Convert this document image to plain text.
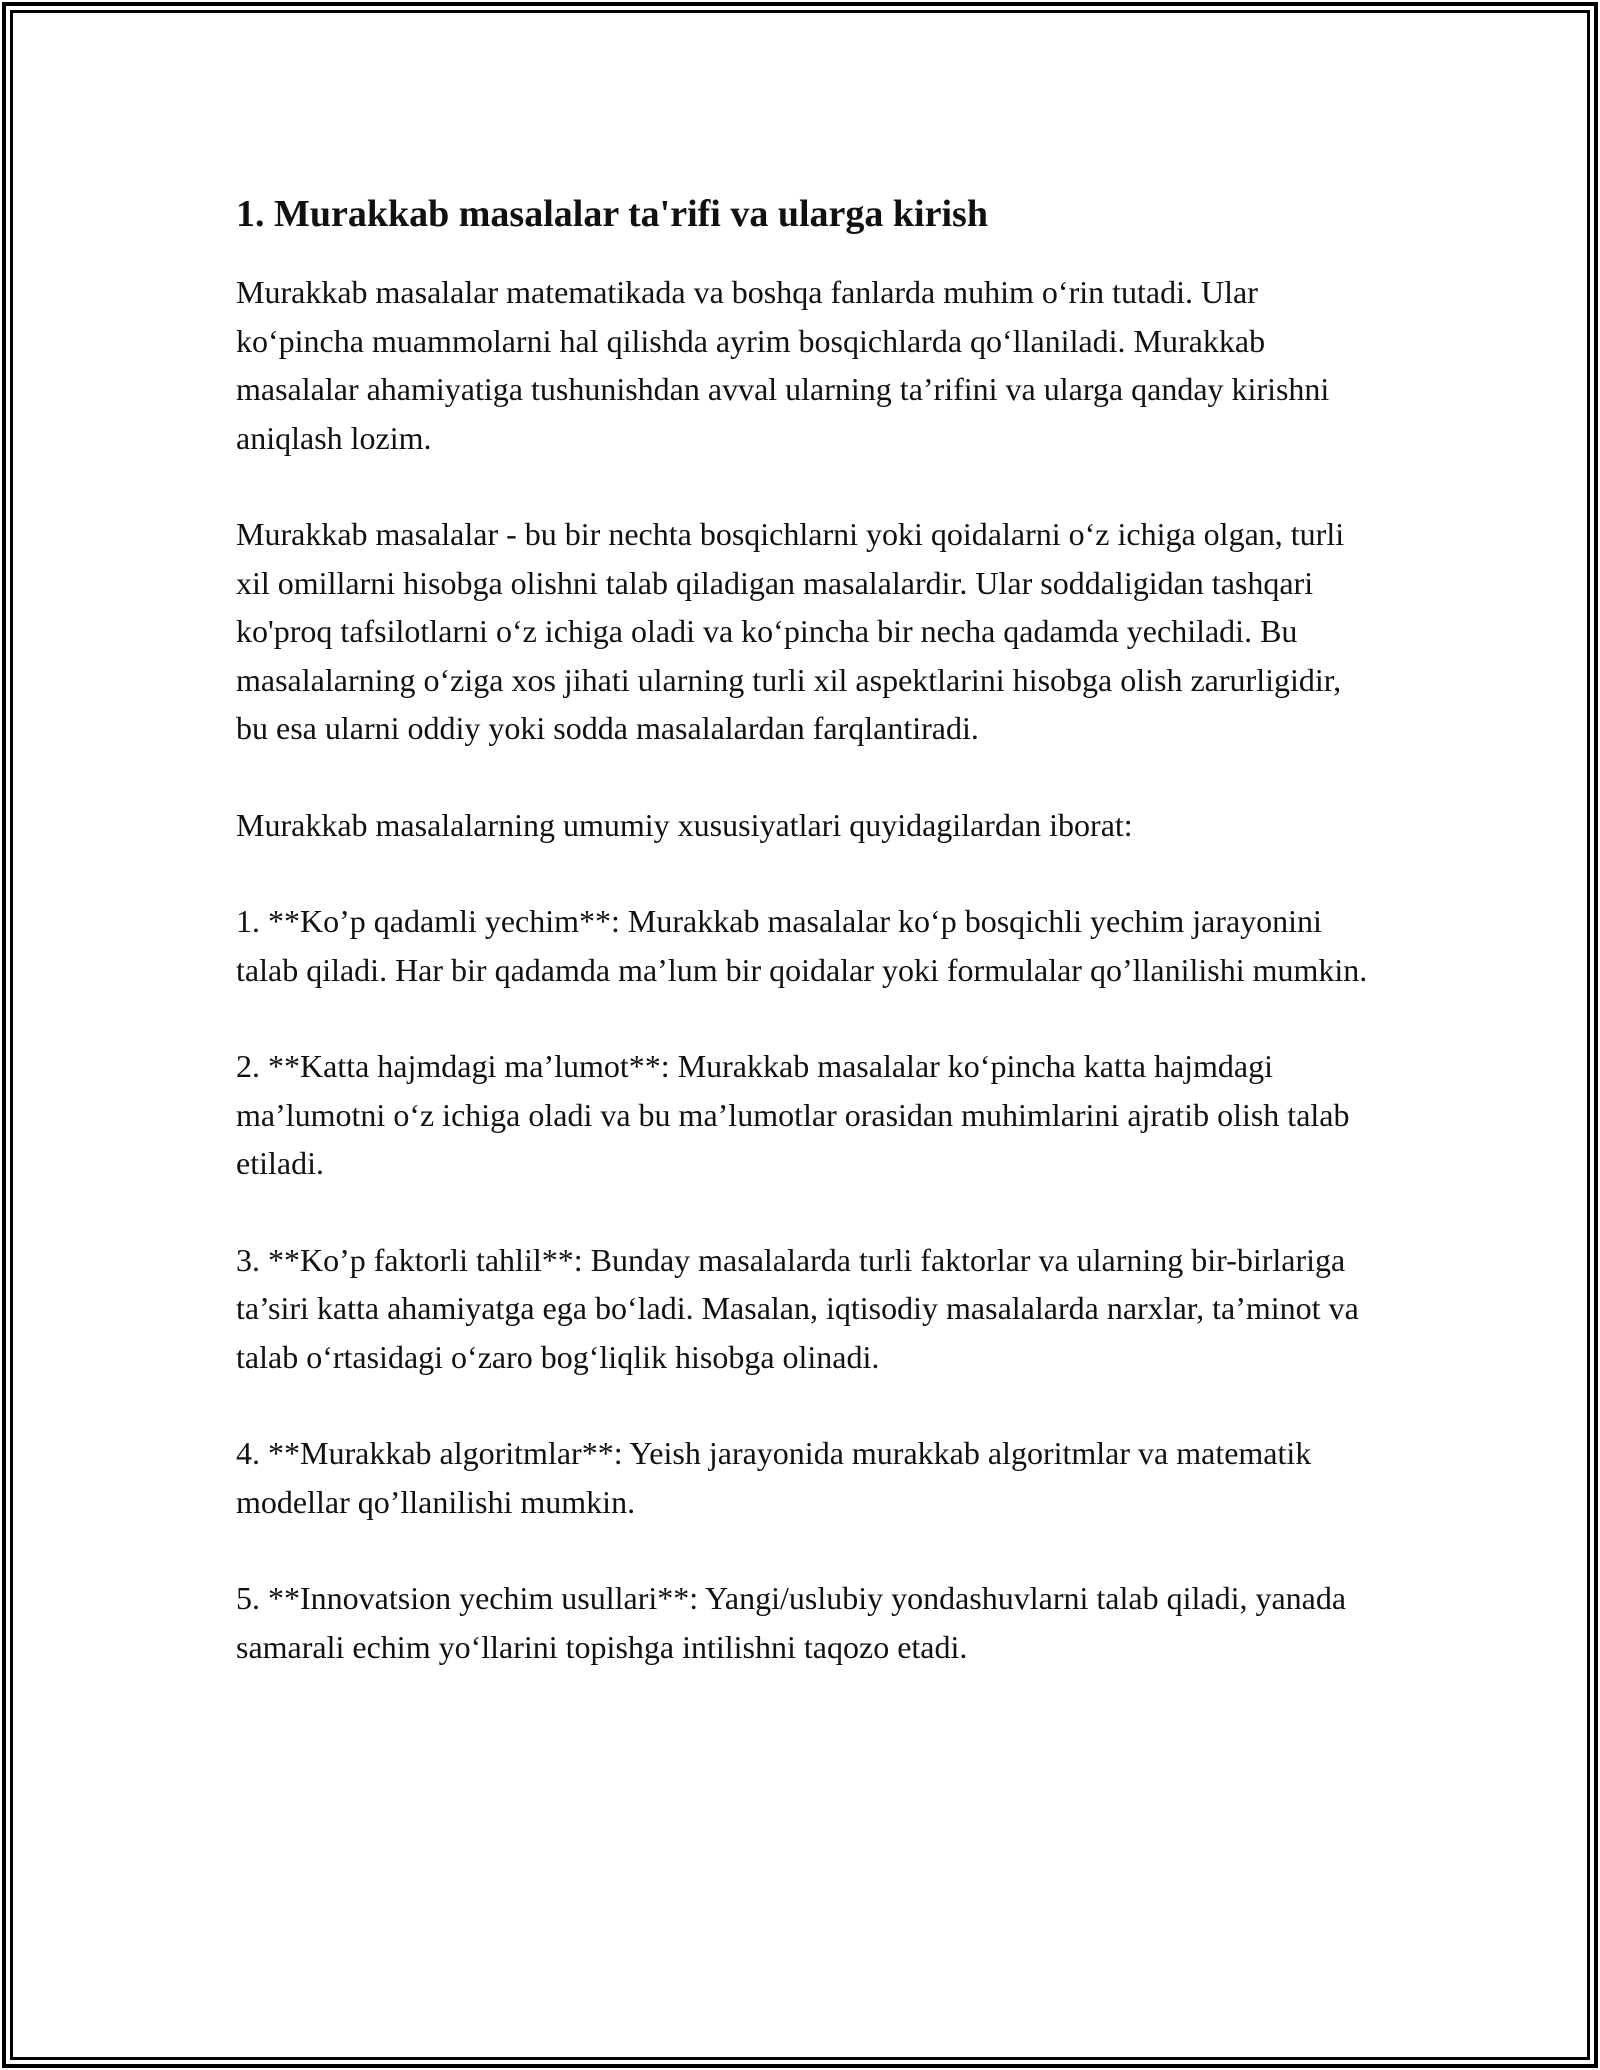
1. Murakkab masalalar ta'rifi va ularga kirish

Murakkab masalalar matematikada va boshqa fanlarda muhim o‘rin tutadi. Ular ko‘pincha muammolarni hal qilishda ayrim bosqichlarda qo‘llaniladi. Murakkab masalalar ahamiyatiga tushunishdan avval ularning ta’rifini va ularga qanday kirishni aniqlash lozim.

Murakkab masalalar - bu bir nechta bosqichlarni yoki qoidalarni o‘z ichiga olgan, turli xil omillarni hisobga olishni talab qiladigan masalalardir. Ular soddaligidan tashqari ko'proq tafsilotlarni o‘z ichiga oladi va ko‘pincha bir necha qadamda yechiladi. Bu masalalarning o‘ziga xos jihati ularning turli xil aspektlarini hisobga olish zarurligidir, bu esa ularni oddiy yoki sodda masalalardan farqlantiradi.

Murakkab masalalarning umumiy xususiyatlari quyidagilardan iborat:

1. **Ko’p qadamli yechim**: Murakkab masalalar ko‘p bosqichli yechim jarayonini talab qiladi. Har bir qadamda ma’lum bir qoidalar yoki formulalar qo’llanilishi mumkin.

2. **Katta hajmdagi ma’lumot**: Murakkab masalalar ko‘pincha katta hajmdagi ma’lumotni o‘z ichiga oladi va bu ma’lumotlar orasidan muhimlarini ajratib olish talab etiladi.

3. **Ko’p faktorli tahlil**: Bunday masalalarda turli faktorlar va ularning bir-birlariga ta’siri katta ahamiyatga ega bo‘ladi. Masalan, iqtisodiy masalalarda narxlar, ta’minot va talab o‘rtasidagi o‘zaro bog‘liqlik hisobga olinadi.

4. **Murakkab algoritmlar**: Yeish jarayonida murakkab algoritmlar va matematik modellar qo’llanilishi mumkin.

5. **Innovatsion yechim usullari**: Yangi/uslubiy yondashuvlarni talab qiladi, yanada samarali echim yo‘llarini topishga intilishni taqozo etadi.
